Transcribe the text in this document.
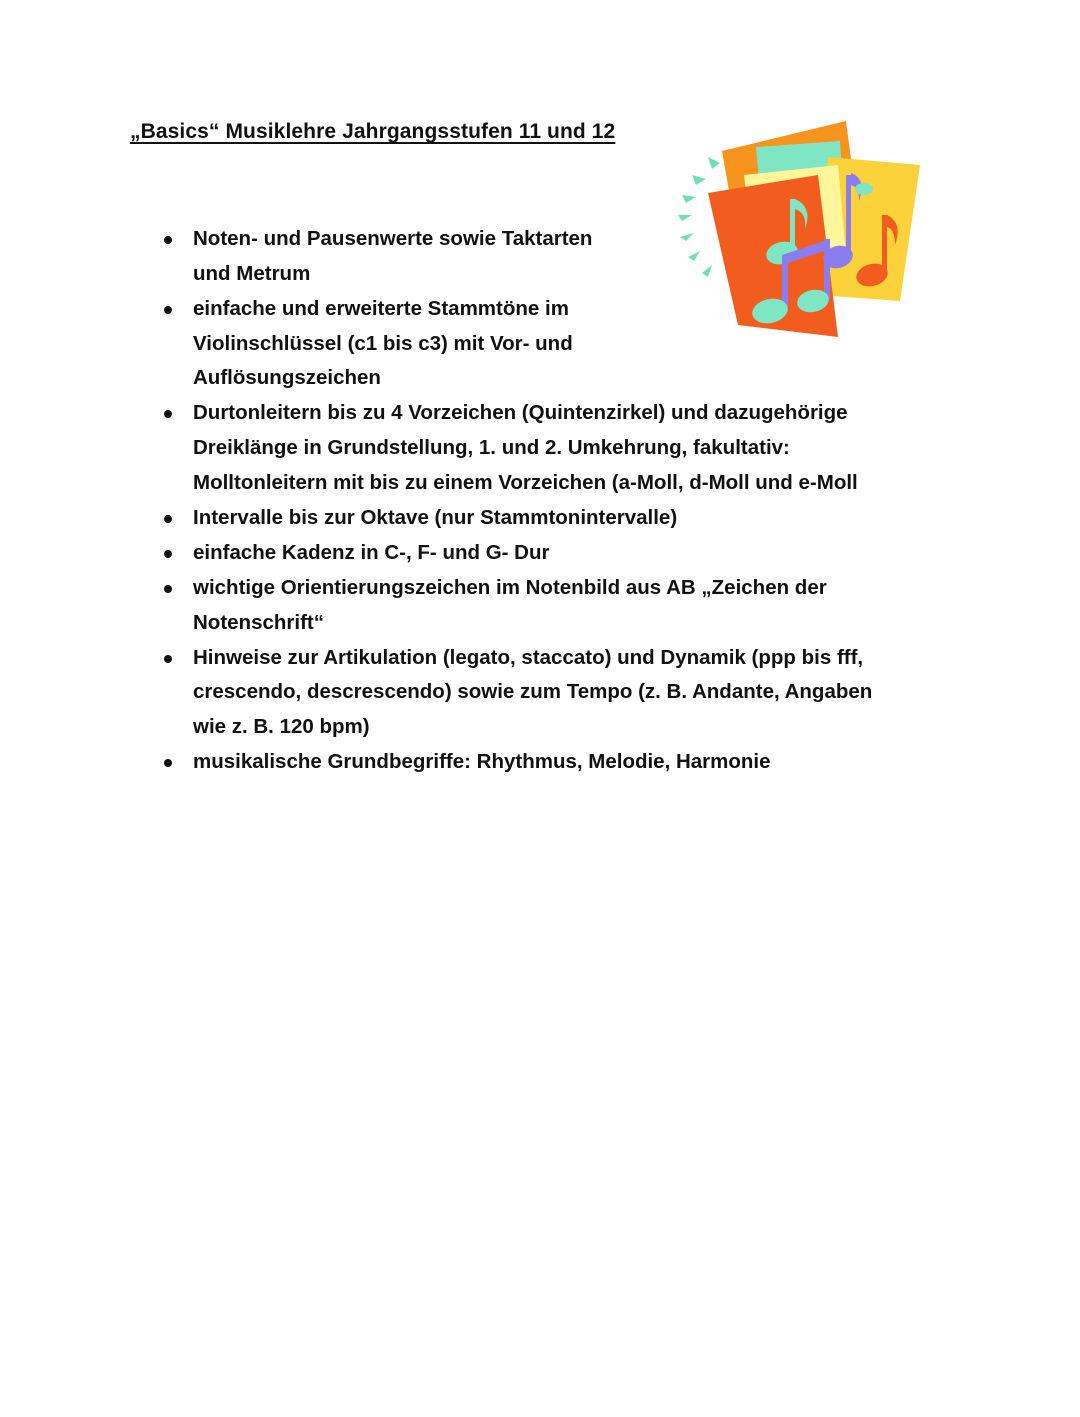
„Basics“ Musiklehre Jahrgangsstufen 11 und 12
Noten- und Pausenwerte sowie Taktarten
und Metrum
einfache und erweiterte Stammtöne im
Violinschlüssel (c1 bis c3) mit Vor- und
Auflösungszeichen
Durtonleitern bis zu 4 Vorzeichen (Quintenzirkel) und dazugehörige
Dreiklänge in Grundstellung, 1. und 2. Umkehrung, fakultativ:
Molltonleitern mit bis zu einem Vorzeichen (a-Moll, d-Moll und e-Moll
Intervalle bis zur Oktave (nur Stammtonintervalle)
einfache Kadenz in C-, F- und G- Dur
wichtige Orientierungszeichen im Notenbild aus AB „Zeichen der
Notenschrift“
Hinweise zur Artikulation (legato, staccato) und Dynamik (ppp bis fff,
crescendo, descrescendo) sowie zum Tempo (z. B. Andante, Angaben
wie z. B. 120 bpm)
musikalische Grundbegriffe: Rhythmus, Melodie, Harmonie
